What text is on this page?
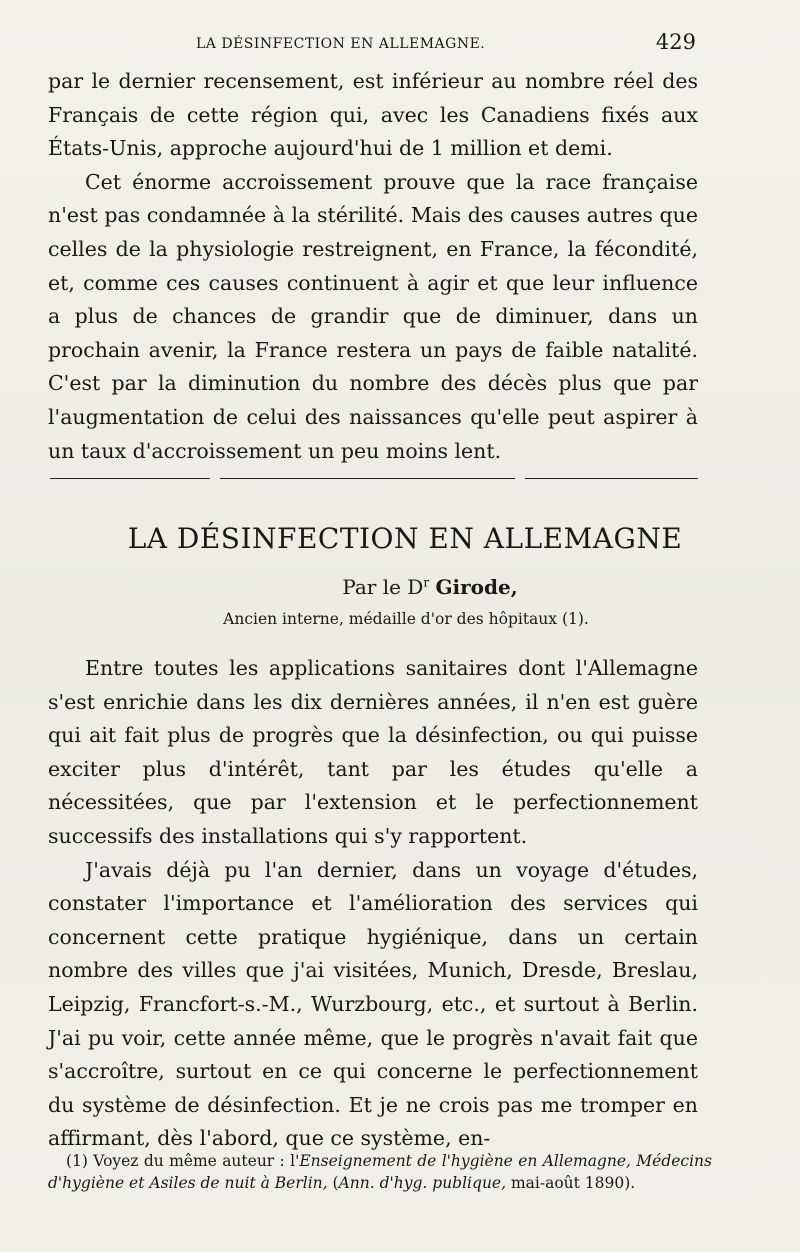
LA DÉSINFECTION EN ALLEMAGNE.	429

par le dernier recensement, est inférieur au nombre réel des Français de cette région qui, avec les Canadiens fixés aux États-Unis, approche aujourd'hui de 1 million et demi.

Cet énorme accroissement prouve que la race française n'est pas condamnée à la stérilité. Mais des causes autres que celles de la physiologie restreignent, en France, la fécondité, et, comme ces causes continuent à agir et que leur influence a plus de chances de grandir que de diminuer, dans un prochain avenir, la France restera un pays de faible natalité. C'est par la diminution du nombre des décès plus que par l'augmentation de celui des naissances qu'elle peut aspirer à un taux d'accroissement un peu moins lent.

LA DÉSINFECTION EN ALLEMAGNE
Par le $D^r$ Girode,
Ancien interne, médaille d'or des hôpitaux (1).

Entre toutes les applications sanitaires dont l'Allemagne s'est enrichie dans les dix dernières années, il n'en est guère qui ait fait plus de progrès que la désinfection, ou qui puisse exciter plus d'intérêt, tant par les études qu'elle a nécessitées, que par l'extension et le perfectionnement successifs des installations qui s'y rapportent.

J'avais déjà pu l'an dernier, dans un voyage d'études, constater l'importance et l'amélioration des services qui concernent cette pratique hygiénique, dans un certain nombre des villes que j'ai visitées, Munich, Dresde, Breslau, Leipzig, Francfort-s.-M., Wurzbourg, etc., et surtout à Berlin. J'ai pu voir, cette année même, que le progrès n'avait fait que s'accroître, surtout en ce qui concerne le perfectionnement du système de désinfection. Et je ne crois pas me tromper en affirmant, dès l'abord, que ce système, en-

(1) Voyez du même auteur : l'Enseignement de l'hygiène en Allemagne, Médecins d'hygiène et Asiles de nuit à Berlin, (Ann. d'hyg. publique, mai-août 1890).
